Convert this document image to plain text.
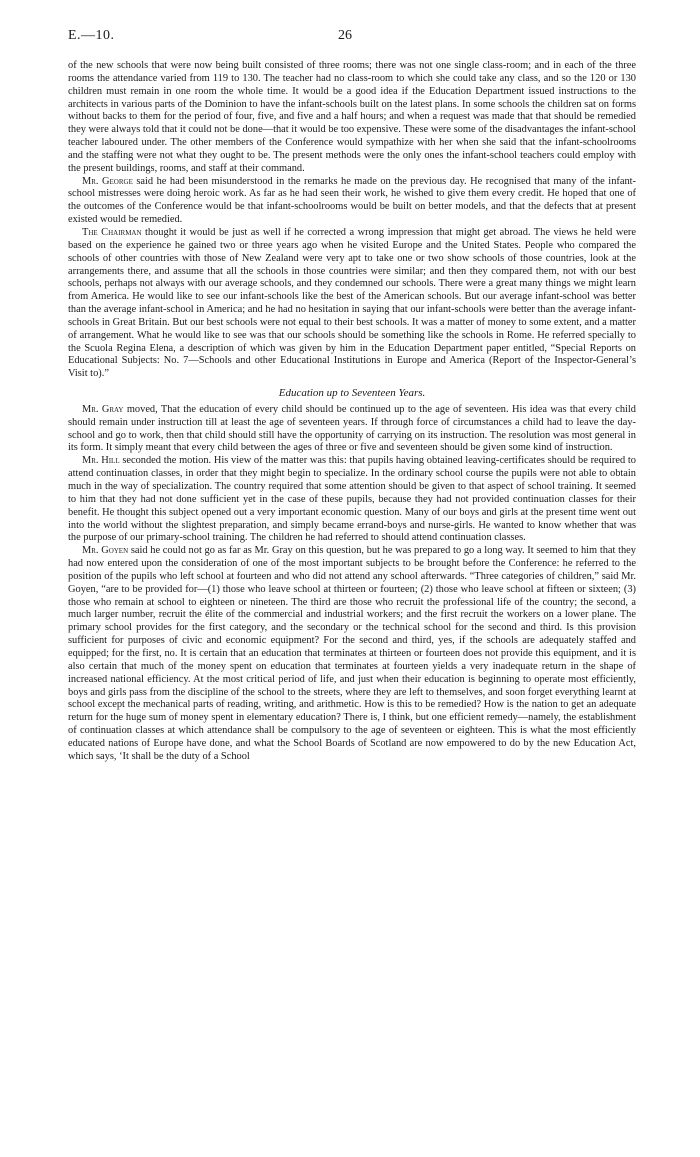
E.—10.	26

of the new schools that were now being built consisted of three rooms; there was not one single class-room; and in each of the three rooms the attendance varied from 119 to 130. The teacher had no class-room to which she could take any class, and so the 120 or 130 children must remain in one room the whole time. It would be a good idea if the Education Department issued instructions to the architects in various parts of the Dominion to have the infant-schools built on the latest plans. In some schools the children sat on forms without backs to them for the period of four, five, and five and a half hours; and when a request was made that that should be remedied they were always told that it could not be done—that it would be too expensive. These were some of the disadvantages the infant-school teacher laboured under. The other members of the Conference would sympathize with her when she said that the infant-schoolrooms and the staffing were not what they ought to be. The present methods were the only ones the infant-school teachers could employ with the present buildings, rooms, and staff at their command.

Mr. George said he had been misunderstood in the remarks he made on the previous day. He recognised that many of the infant-school mistresses were doing heroic work. As far as he had seen their work, he wished to give them every credit. He hoped that one of the outcomes of the Conference would be that infant-schoolrooms would be built on better models, and that the defects that at present existed would be remedied.

The Chairman thought it would be just as well if he corrected a wrong impression that might get abroad. The views he held were based on the experience he gained two or three years ago when he visited Europe and the United States. People who compared the schools of other countries with those of New Zealand were very apt to take one or two show schools of those countries, look at the arrangements there, and assume that all the schools in those countries were similar; and then they compared them, not with our best schools, perhaps not always with our average schools, and they condemned our schools. There were a great many things we might learn from America. He would like to see our infant-schools like the best of the American schools. But our average infant-school was better than the average infant-school in America; and he had no hesitation in saying that our infant-schools were better than the average infant-schools in Great Britain. But our best schools were not equal to their best schools. It was a matter of money to some extent, and a matter of arrangement. What he would like to see was that our schools should be something like the schools in Rome. He referred specially to the Scuola Regina Elena, a description of which was given by him in the Education Department paper entitled, “Special Reports on Educational Subjects: No. 7—Schools and other Educational Institutions in Europe and America (Report of the Inspector-General’s Visit to).”

Education up to Seventeen Years.

Mr. Gray moved, That the education of every child should be continued up to the age of seventeen. His idea was that every child should remain under instruction till at least the age of seventeen years. If through force of circumstances a child had to leave the day-school and go to work, then that child should still have the opportunity of carrying on its instruction. The resolution was most general in its form. It simply meant that every child between the ages of three or five and seventeen should be given some kind of instruction.

Mr. Hill seconded the motion. His view of the matter was this: that pupils having obtained leaving-certificates should be required to attend continuation classes, in order that they might begin to specialize. In the ordinary school course the pupils were not able to obtain much in the way of specialization. The country required that some attention should be given to that aspect of school training. It seemed to him that they had not done sufficient yet in the case of these pupils, because they had not provided continuation classes for their benefit. He thought this subject opened out a very important economic question. Many of our boys and girls at the present time went out into the world without the slightest preparation, and simply became errand-boys and nurse-girls. He wanted to know whether that was the purpose of our primary-school training. The children he had referred to should attend continuation classes.

Mr. Goyen said he could not go as far as Mr. Gray on this question, but he was prepared to go a long way. It seemed to him that they had now entered upon the consideration of one of the most important subjects to be brought before the Conference: he referred to the position of the pupils who left school at fourteen and who did not attend any school afterwards. “Three categories of children,” said Mr. Goyen, “are to be provided for—(1) those who leave school at thirteen or fourteen; (2) those who leave school at fifteen or sixteen; (3) those who remain at school to eighteen or nineteen. The third are those who recruit the professional life of the country; the second, a much larger number, recruit the élite of the commercial and industrial workers; and the first recruit the workers on a lower plane. The primary school provides for the first category, and the secondary or the technical school for the second and third. Is this provision sufficient for purposes of civic and economic equipment? For the second and third, yes, if the schools are adequately staffed and equipped; for the first, no. It is certain that an education that terminates at thirteen or fourteen does not provide this equipment, and it is also certain that much of the money spent on education that terminates at fourteen yields a very inadequate return in the shape of increased national efficiency. At the most critical period of life, and just when their education is beginning to operate most efficiently, boys and girls pass from the discipline of the school to the streets, where they are left to themselves, and soon forget everything learnt at school except the mechanical parts of reading, writing, and arithmetic. How is this to be remedied? How is the nation to get an adequate return for the huge sum of money spent in elementary education? There is, I think, but one efficient remedy—namely, the establishment of continuation classes at which attendance shall be compulsory to the age of seventeen or eighteen. This is what the most efficiently educated nations of Europe have done, and what the School Boards of Scotland are now empowered to do by the new Education Act, which says, ‘It shall be the duty of a School
